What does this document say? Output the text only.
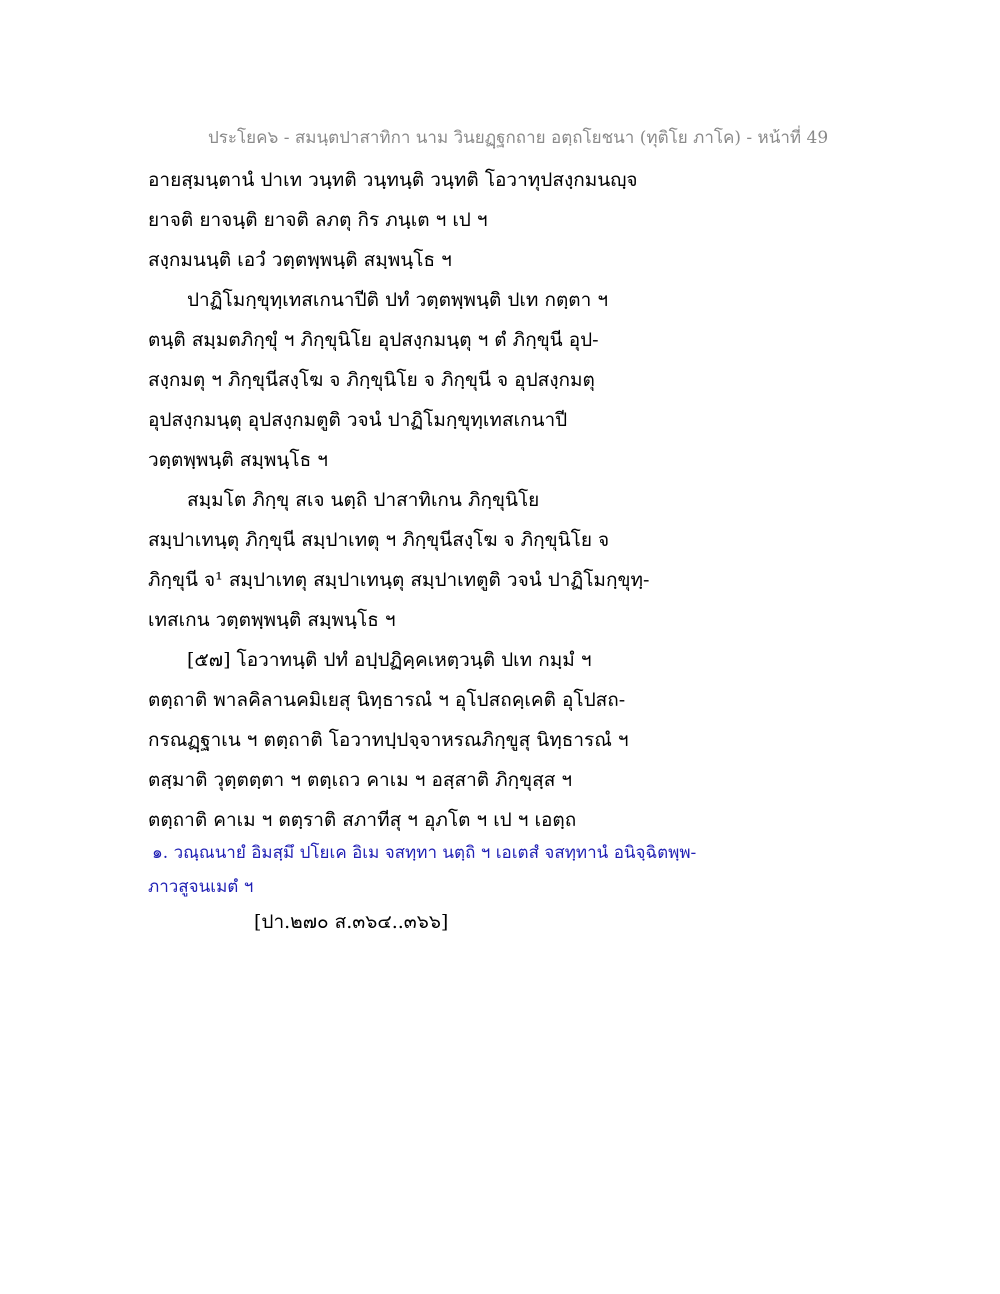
ประโยค๖ - สมนฺตปาสาทิกา นาม วินยฏฺฐกถาย อตฺถโยชนา (ทุติโย ภาโค) - หน้าที่ 49
อายสฺมนฺตานํ ปาเท วนฺทติ วนฺทนฺติ วนฺทติ โอวาทุปสงฺกมนญฺจ
ยาจติ ยาจนฺติ ยาจติ ลภตุ กิร ภนฺเต ฯ เป ฯ
สงฺกมนนฺติ เอวํ วตฺตพฺพนฺติ สมฺพนฺโธ ฯ
ปาฏิโมกฺขุทฺเทสเกนาปีติ ปทํ วตฺตพฺพนฺติ ปเท กตฺตา ฯ
ตนฺติ สมฺมตภิกฺขุํ ฯ ภิกฺขุนิโย อุปสงฺกมนฺตุ ฯ ตํ ภิกฺขุนี อุป-
สงฺกมตุ ฯ ภิกฺขุนีสงฺโฆ จ ภิกฺขุนิโย จ ภิกฺขุนี จ อุปสงฺกมตุ
อุปสงฺกมนฺตุ อุปสงฺกมตูติ วจนํ ปาฏิโมกฺขุทฺเทสเกนาปี
วตฺตพฺพนฺติ สมฺพนฺโธ ฯ
สมฺมโต ภิกฺขุ สเจ นตฺถิ ปาสาทิเกน ภิกฺขุนิโย
สมฺปาเทนฺตุ ภิกฺขุนี สมฺปาเทตุ ฯ ภิกฺขุนีสงฺโฆ จ ภิกฺขุนิโย จ
ภิกฺขุนี จ¹ สมฺปาเทตุ สมฺปาเทนฺตุ สมฺปาเทตูติ วจนํ ปาฏิโมกฺขุทฺ-
เทสเกน วตฺตพฺพนฺติ สมฺพนฺโธ ฯ
[๕๗] โอวาทนฺติ ปทํ อปฺปฏิคฺคเหตฺวนฺติ ปเท กมฺมํ ฯ
ตตฺถาติ พาลคิลานคมิเยสุ นิทฺธารณํ ฯ อุโปสถคฺเคติ อุโปสถ-
กรณฏฺฐาเน ฯ ตตฺถาติ โอวาทปฺปจฺจาหรณภิกฺขูสุ นิทฺธารณํ ฯ
ตสฺมาติ วุตฺตตฺตา ฯ ตตฺเถว คาเม ฯ อสฺสาติ ภิกฺขุสฺส ฯ
ตตฺถาติ คาเม ฯ ตตฺราติ สภาทีสุ ฯ อุภโต ฯ เป ฯ เอตฺถ
๑. วณฺณนายํ อิมสฺมึ ปโยเค อิเม จสทฺทา นตฺถิ ฯ เอเตสํ จสทฺทานํ อนิจฺฉิตพฺพ-
ภาวสูจนเมตํ ฯ
[ปา.๒๗๐ ส.๓๖๔..๓๖๖]
